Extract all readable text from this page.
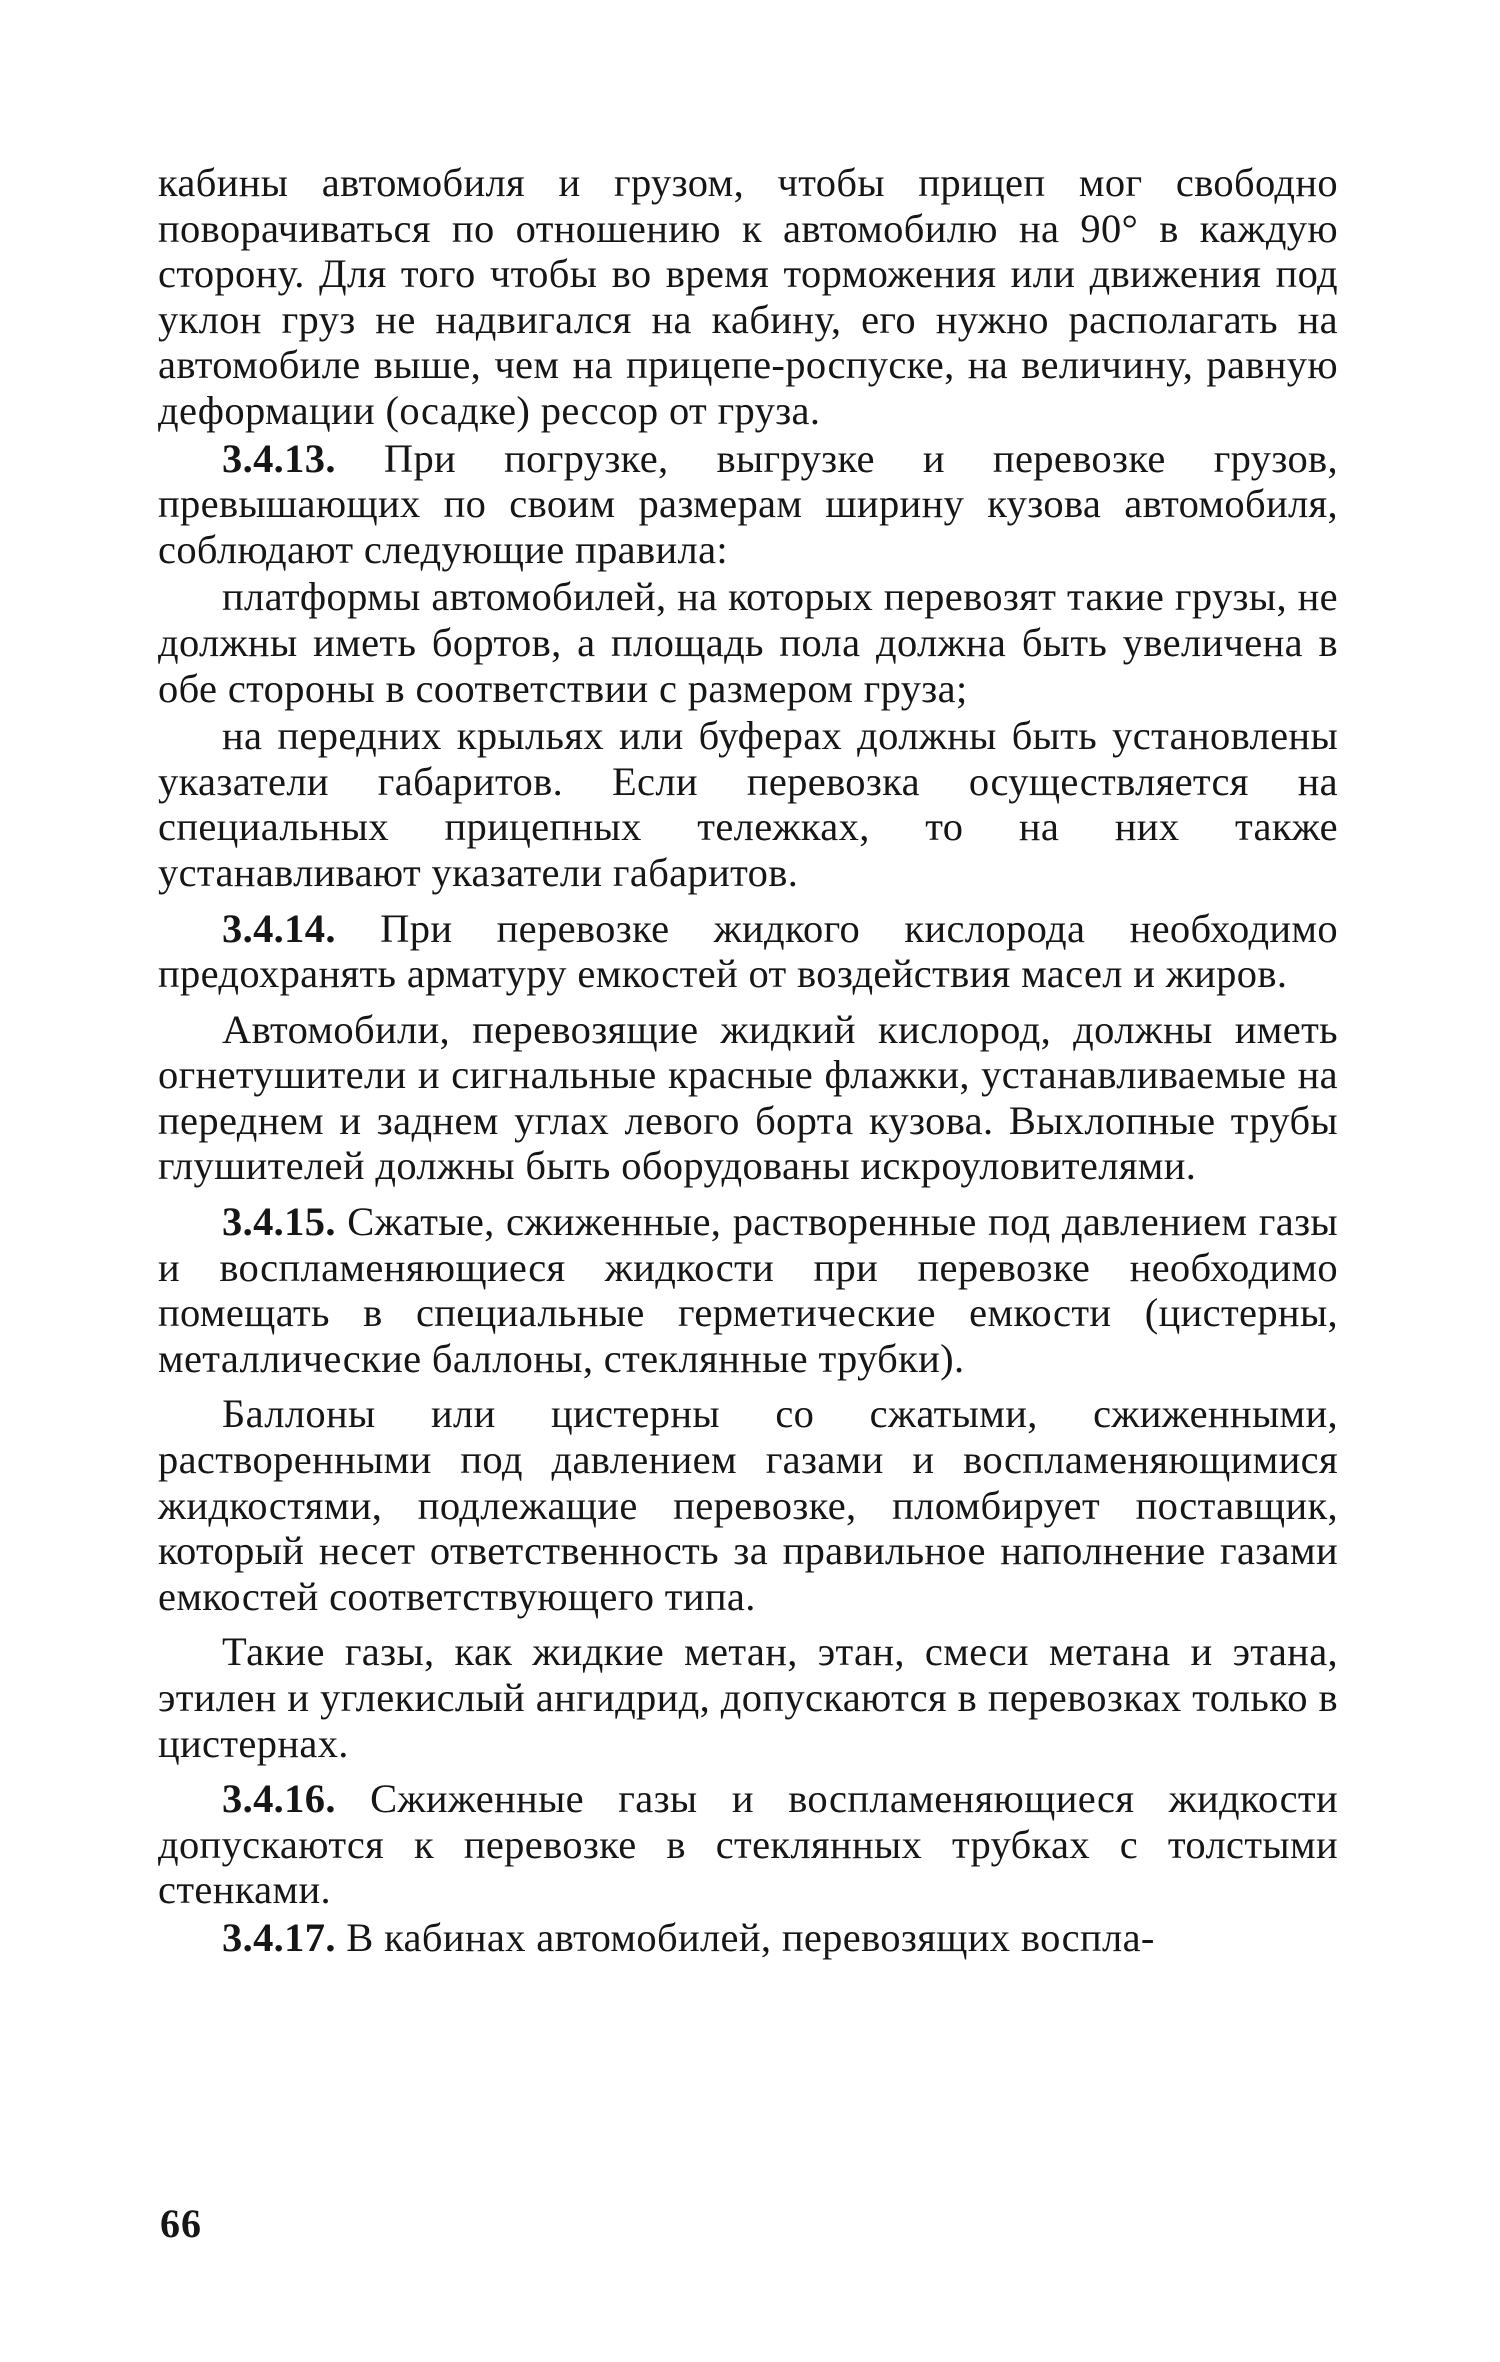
кабины автомобиля и грузом, чтобы прицеп мог свободно поворачиваться по отношению к автомобилю на 90° в каждую сторону. Для того чтобы во время торможения или движения под уклон груз не надвигался на кабину, его нужно располагать на автомобиле выше, чем на прицепе-роспуске, на величину, равную деформации (осадке) рессор от груза.

3.4.13. При погрузке, выгрузке и перевозке грузов, превышающих по своим размерам ширину кузова автомобиля, соблюдают следующие правила:

платформы автомобилей, на которых перевозят такие грузы, не должны иметь бортов, а площадь пола должна быть увеличена в обе стороны в соответствии с размером груза;

на передних крыльях или буферах должны быть установлены указатели габаритов. Если перевозка осуществляется на специальных прицепных тележках, то на них также устанавливают указатели габаритов.

3.4.14. При перевозке жидкого кислорода необходимо предохранять арматуру емкостей от воздействия масел и жиров.

Автомобили, перевозящие жидкий кислород, должны иметь огнетушители и сигнальные красные флажки, устанавливаемые на переднем и заднем углах левого борта кузова. Выхлопные трубы глушителей должны быть оборудованы искроуловителями.

3.4.15. Сжатые, сжиженные, растворенные под давлением газы и воспламеняющиеся жидкости при перевозке необходимо помещать в специальные герметические емкости (цистерны, металлические баллоны, стеклянные трубки).

Баллоны или цистерны со сжатыми, сжиженными, растворенными под давлением газами и воспламеняющимися жидкостями, подлежащие перевозке, пломбирует поставщик, который несет ответственность за правильное наполнение газами емкостей соответствующего типа.

Такие газы, как жидкие метан, этан, смеси метана и этана, этилен и углекислый ангидрид, допускаются в перевозках только в цистернах.

3.4.16. Сжиженные газы и воспламеняющиеся жидкости допускаются к перевозке в стеклянных трубках с толстыми стенками.

3.4.17. В кабинах автомобилей, перевозящих воспла-

66
